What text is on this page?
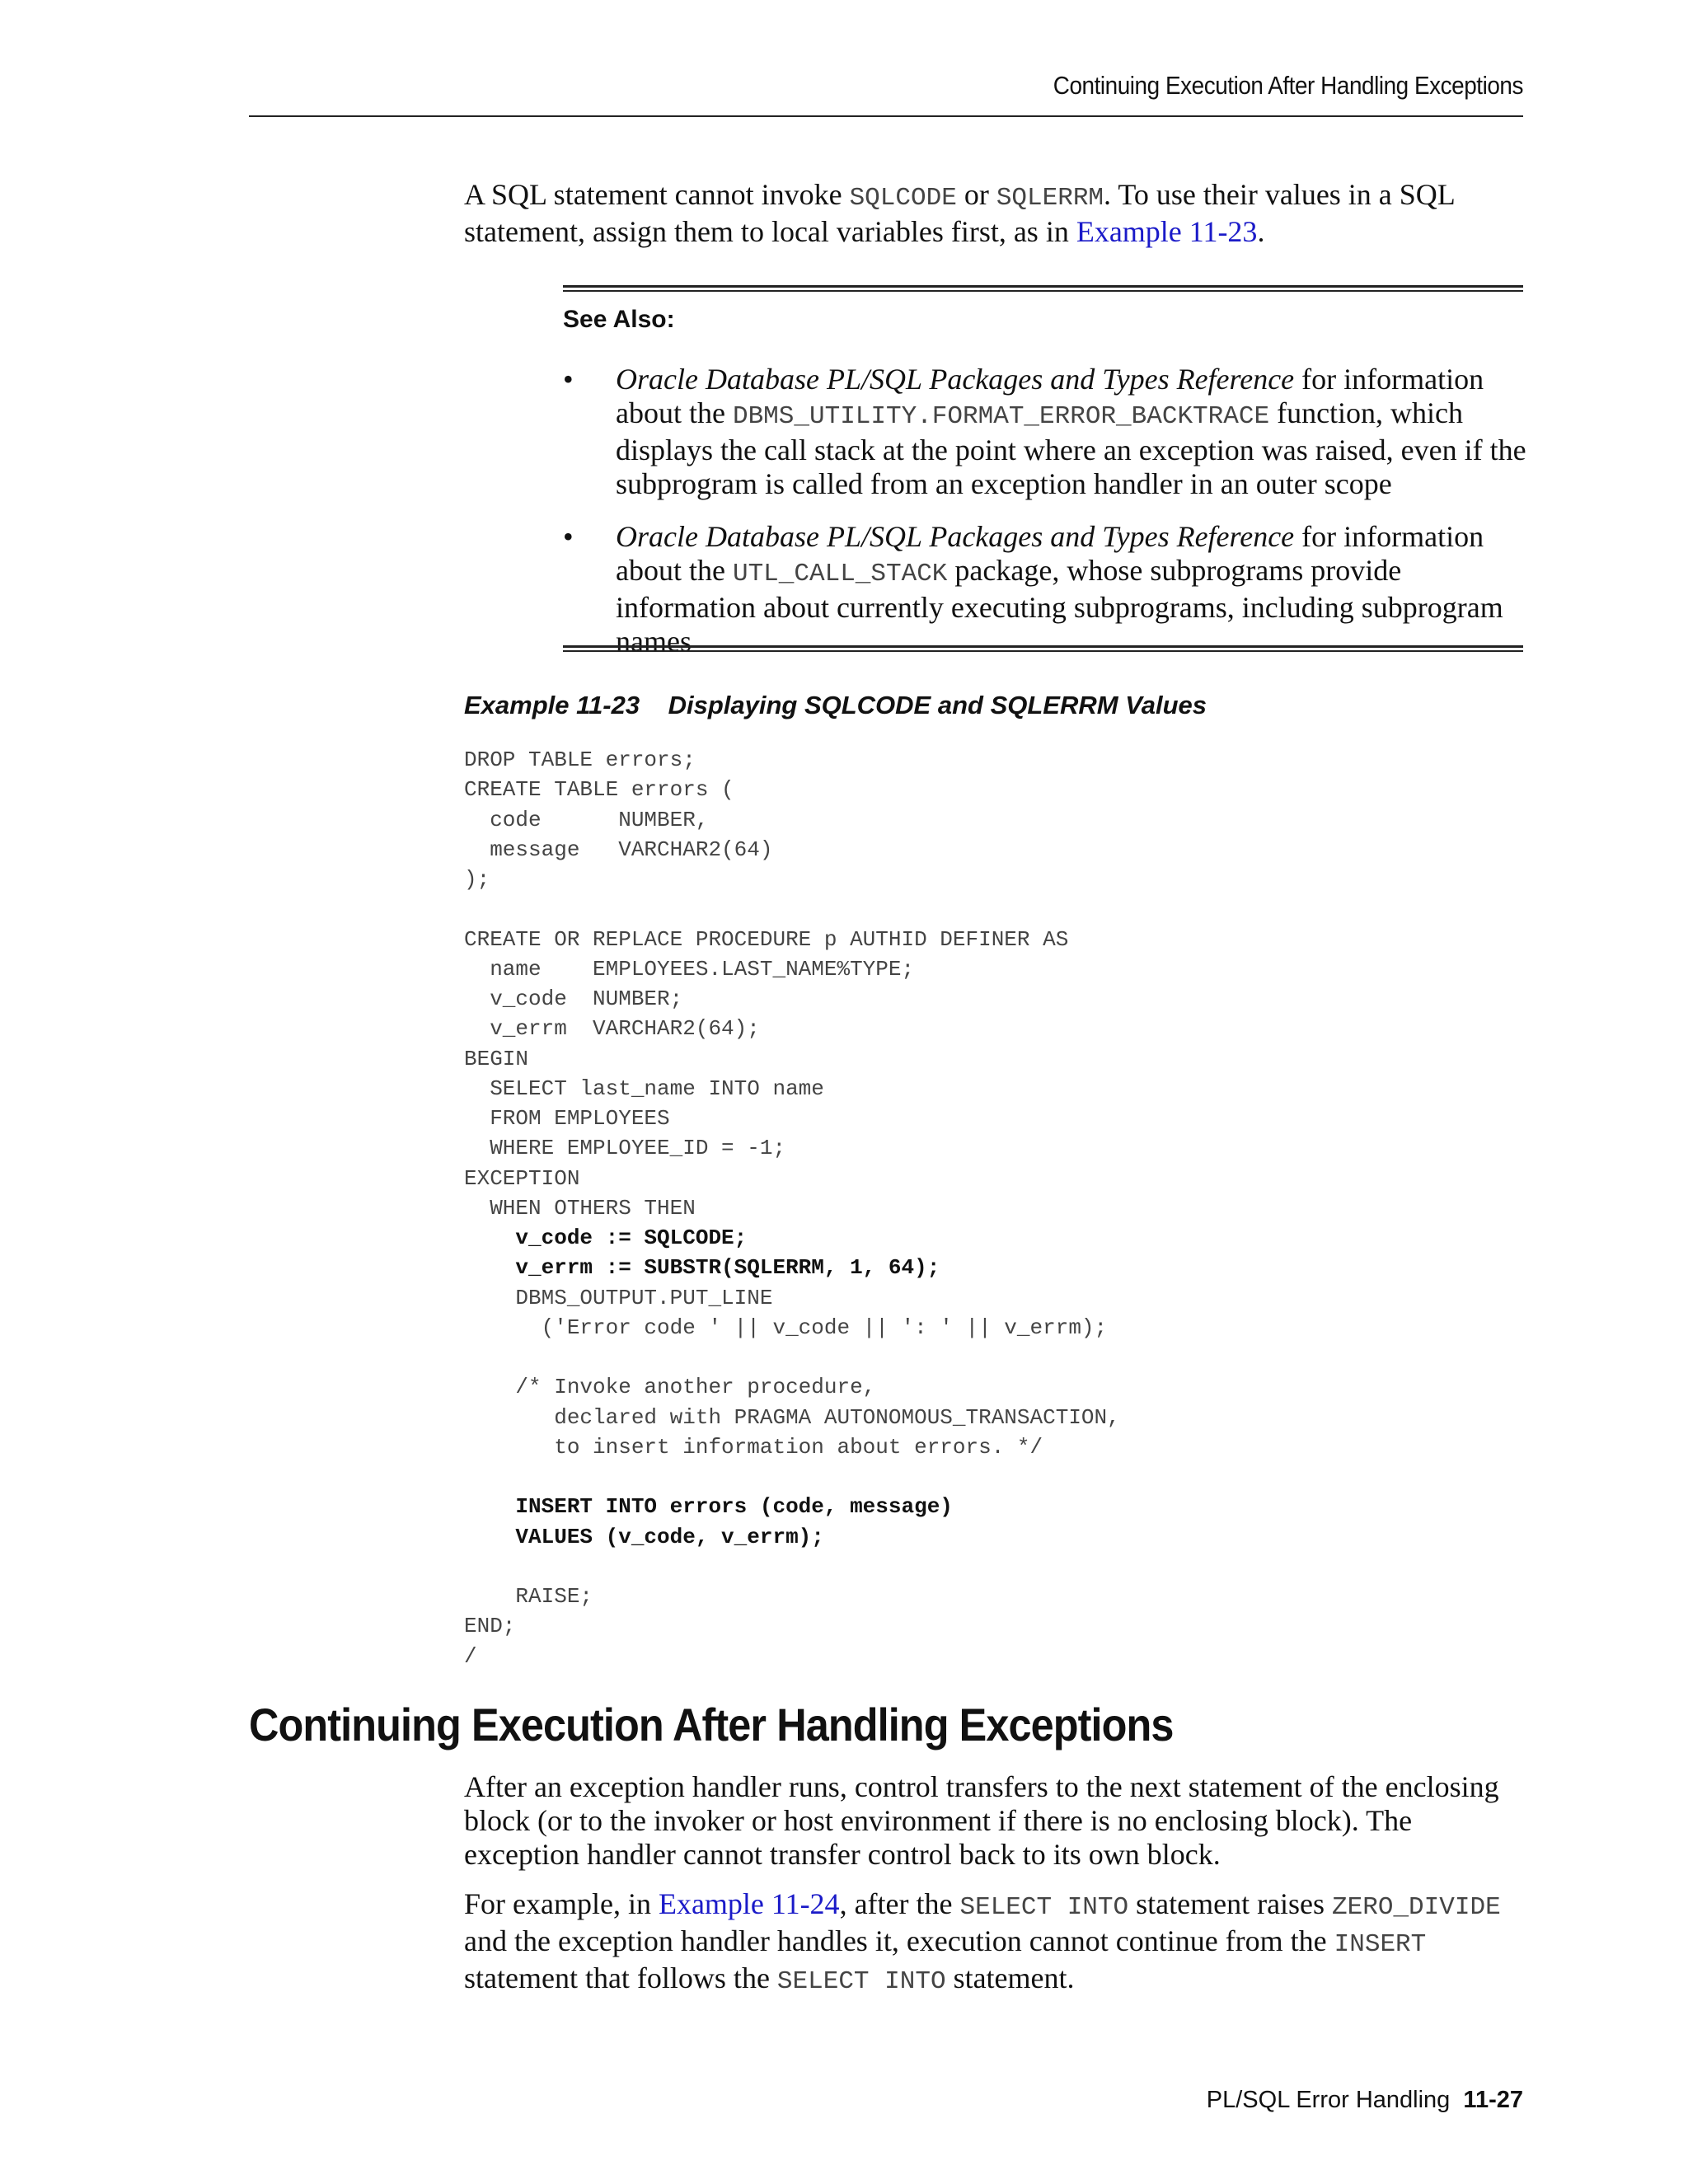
Continuing Execution After Handling Exceptions

A SQL statement cannot invoke SQLCODE or SQLERRM. To use their values in a SQL statement, assign them to local variables first, as in Example 11-23.

See Also:

•	Oracle Database PL/SQL Packages and Types Reference for information about the DBMS_UTILITY.FORMAT_ERROR_BACKTRACE function, which displays the call stack at the point where an exception was raised, even if the subprogram is called from an exception handler in an outer scope

•	Oracle Database PL/SQL Packages and Types Reference for information about the UTL_CALL_STACK package, whose subprograms provide information about currently executing subprograms, including subprogram names

Example 11-23 Displaying SQLCODE and SQLERRM Values

DROP TABLE errors;
CREATE TABLE errors (
code      NUMBER,
message   VARCHAR2(64)
);
CREATE OR REPLACE PROCEDURE p AUTHID DEFINER AS
name    EMPLOYEES.LAST_NAME%TYPE;
v_code  NUMBER;
v_errm  VARCHAR2(64);
BEGIN
SELECT last_name INTO name
FROM EMPLOYEES
WHERE EMPLOYEE_ID = -1;
EXCEPTION
WHEN OTHERS THEN
v_code := SQLCODE;
v_errm := SUBSTR(SQLERRM, 1, 64);
DBMS_OUTPUT.PUT_LINE
('Error code ' || v_code || ': ' || v_errm);
/* Invoke another procedure,
declared with PRAGMA AUTONOMOUS_TRANSACTION,
to insert information about errors. */
INSERT INTO errors (code, message)
VALUES (v_code, v_errm);
RAISE;
END;
/
Continuing Execution After Handling Exceptions

After an exception handler runs, control transfers to the next statement of the enclosing block (or to the invoker or host environment if there is no enclosing block). The exception handler cannot transfer control back to its own block.

For example, in Example 11-24, after the SELECT INTO statement raises ZERO_DIVIDE and the exception handler handles it, execution cannot continue from the INSERT statement that follows the SELECT INTO statement.

PL/SQL Error Handling 11-27
